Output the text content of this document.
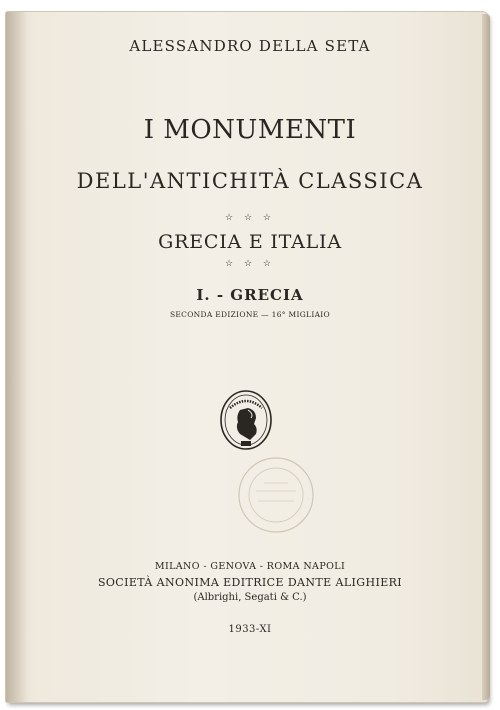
ALESSANDRO DELLA SETA
I MONUMENTI
DELL'ANTICHITÀ CLASSICA
☆ ☆ ☆
GRECIA E ITALIA
☆ ☆ ☆
I. - GRECIA
SECONDA EDIZIONE — 16° MIGLIAIO
MILANO - GENOVA - ROMA NAPOLI
SOCIETÀ ANONIMA EDITRICE DANTE ALIGHIERI
(Albrighi, Segati & C.)
1933-XI
